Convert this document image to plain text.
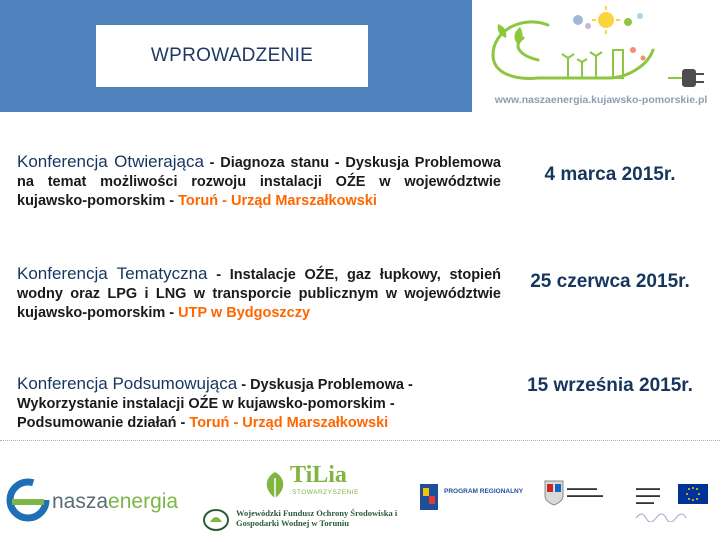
WPROWADZENIE
www.naszaenergia.kujawsko-pomorskie.pl
Konferencja Otwierająca - Diagnoza stanu - Dyskusja Problemowa na temat możliwości rozwoju instalacji OŹE w województwie kujawsko-pomorskim - Toruń - Urząd Marszałkowski
4 marca 2015r.
Konferencja Tematyczna - Instalacje OŹE, gaz łupkowy, stopień wodny oraz LPG i LNG w transporcie publicznym w województwie kujawsko-pomorskim - UTP w Bydgoszczy
25 czerwca 2015r.
Konferencja Podsumowująca - Dyskusja Problemowa - Wykorzystanie instalacji OŹE w kujawsko-pomorskim - Podsumowanie działań - Toruń - Urząd Marszałkowski
15 września 2015r.
naszaenergia
TiLia
STOWARZYSZENIE
Wojewódzki Fundusz Ochrony Środowiska i Gospodarki Wodnej w Toruniu
PROGRAM REGIONALNY	▬▬▬▬▬
▬▬▬▬▬▬
▬▬▬▬
▬▬▬▬
▬▬▬
